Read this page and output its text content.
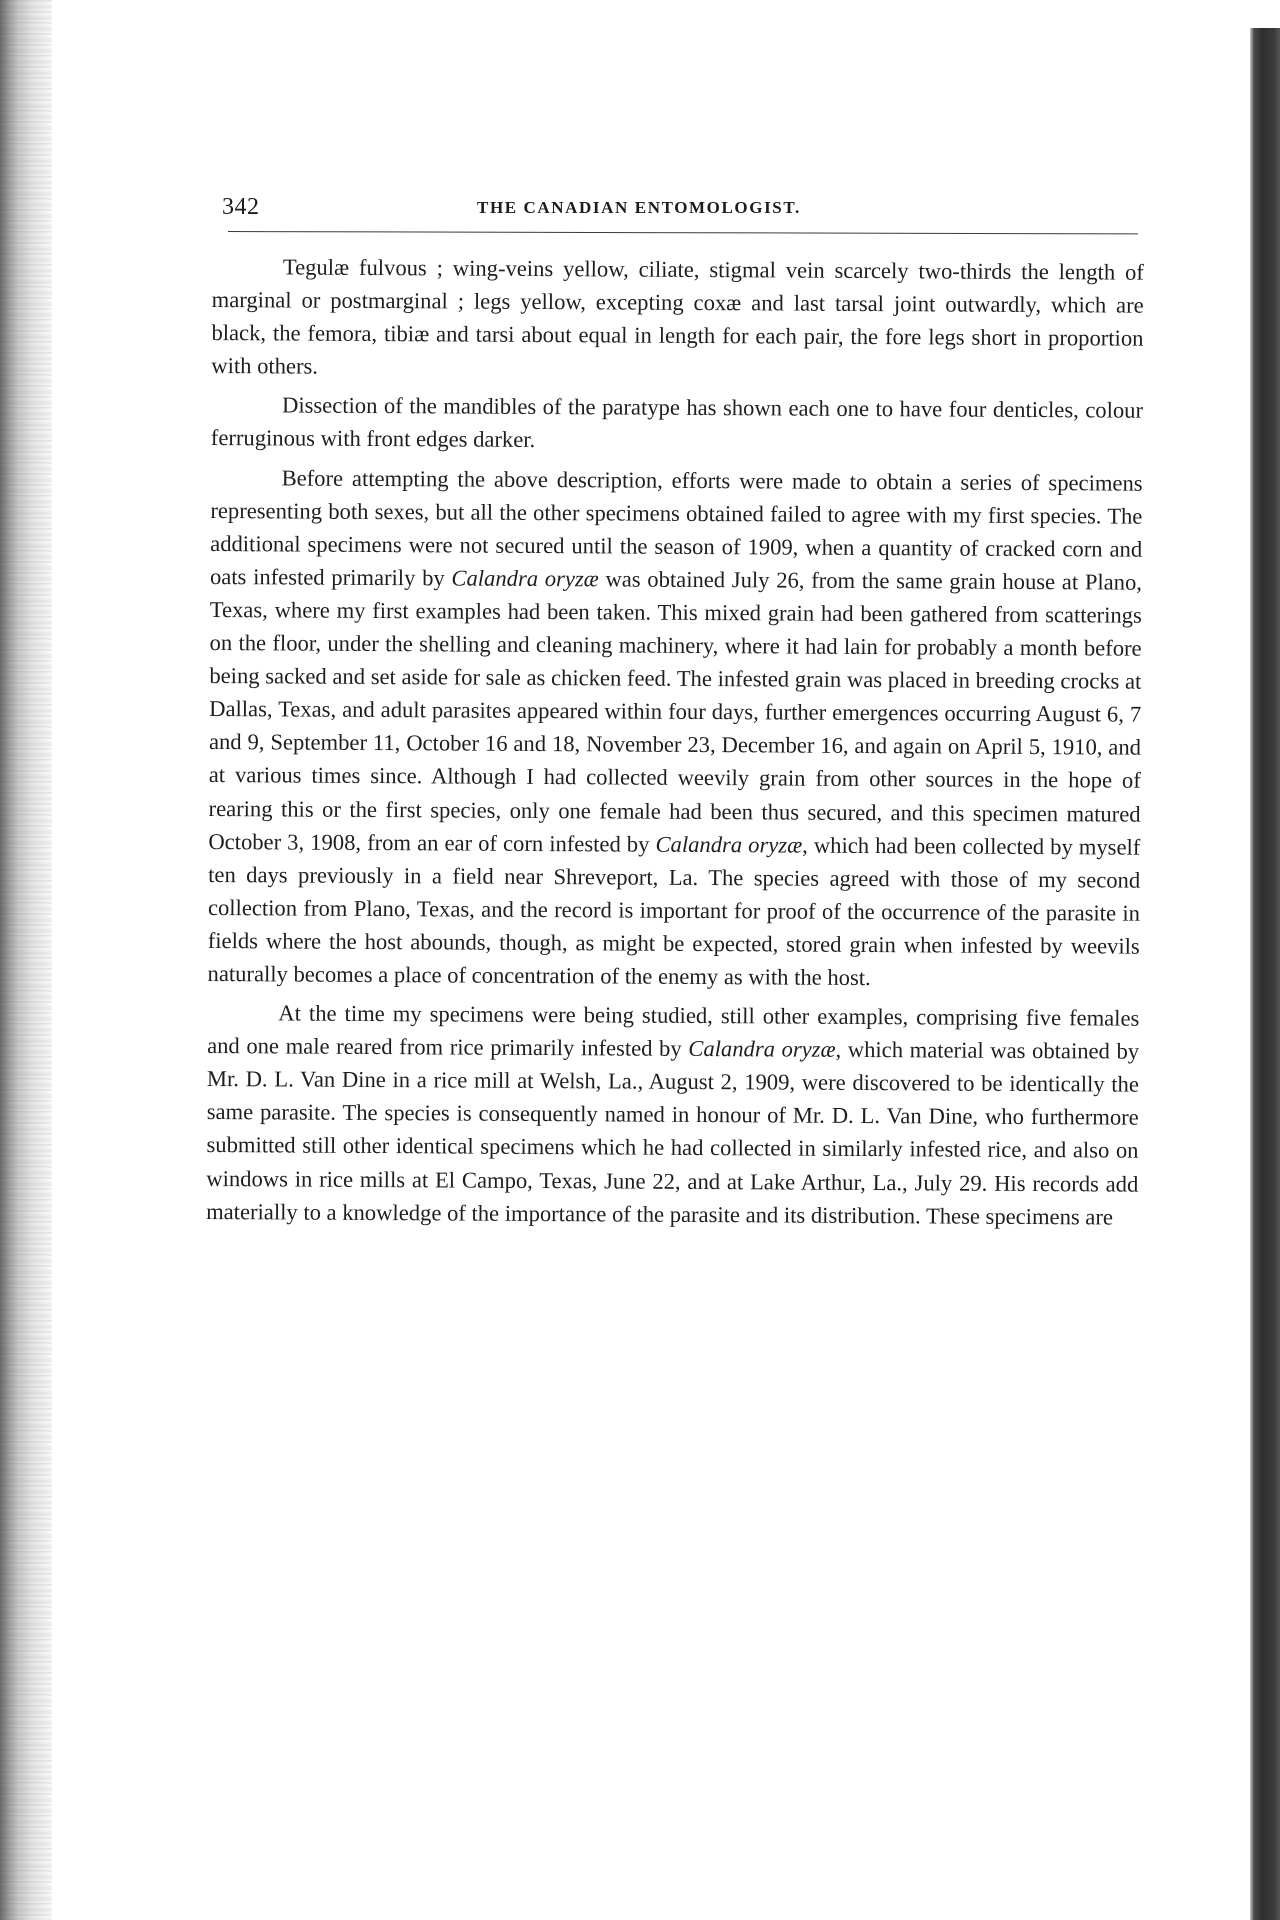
342	THE CANADIAN ENTOMOLOGIST.

Tegulæ fulvous ; wing-veins yellow, ciliate, stigmal vein scarcely two-thirds the length of marginal or postmarginal ; legs yellow, excepting coxæ and last tarsal joint outwardly, which are black, the femora, tibiæ and tarsi about equal in length for each pair, the fore legs short in proportion with others.

Dissection of the mandibles of the paratype has shown each one to have four denticles, colour ferruginous with front edges darker.

Before attempting the above description, efforts were made to obtain a series of specimens representing both sexes, but all the other specimens obtained failed to agree with my first species. The additional specimens were not secured until the season of 1909, when a quantity of cracked corn and oats infested primarily by Calandra oryzæ was obtained July 26, from the same grain house at Plano, Texas, where my first examples had been taken. This mixed grain had been gathered from scatterings on the floor, under the shelling and cleaning machinery, where it had lain for probably a month before being sacked and set aside for sale as chicken feed. The infested grain was placed in breeding crocks at Dallas, Texas, and adult parasites appeared within four days, further emergences occurring August 6, 7 and 9, September 11, October 16 and 18, November 23, December 16, and again on April 5, 1910, and at various times since. Although I had collected weevily grain from other sources in the hope of rearing this or the first species, only one female had been thus secured, and this specimen matured October 3, 1908, from an ear of corn infested by Calandra oryzæ, which had been collected by myself ten days previously in a field near Shreveport, La. The species agreed with those of my second collection from Plano, Texas, and the record is important for proof of the occurrence of the parasite in fields where the host abounds, though, as might be expected, stored grain when infested by weevils naturally becomes a place of concentration of the enemy as with the host.

At the time my specimens were being studied, still other examples, comprising five females and one male reared from rice primarily infested by Calandra oryzæ, which material was obtained by Mr. D. L. Van Dine in a rice mill at Welsh, La., August 2, 1909, were discovered to be identically the same parasite. The species is consequently named in honour of Mr. D. L. Van Dine, who furthermore submitted still other identical specimens which he had collected in similarly infested rice, and also on windows in rice mills at El Campo, Texas, June 22, and at Lake Arthur, La., July 29. His records add materially to a knowledge of the importance of the parasite and its distribution. These specimens are
